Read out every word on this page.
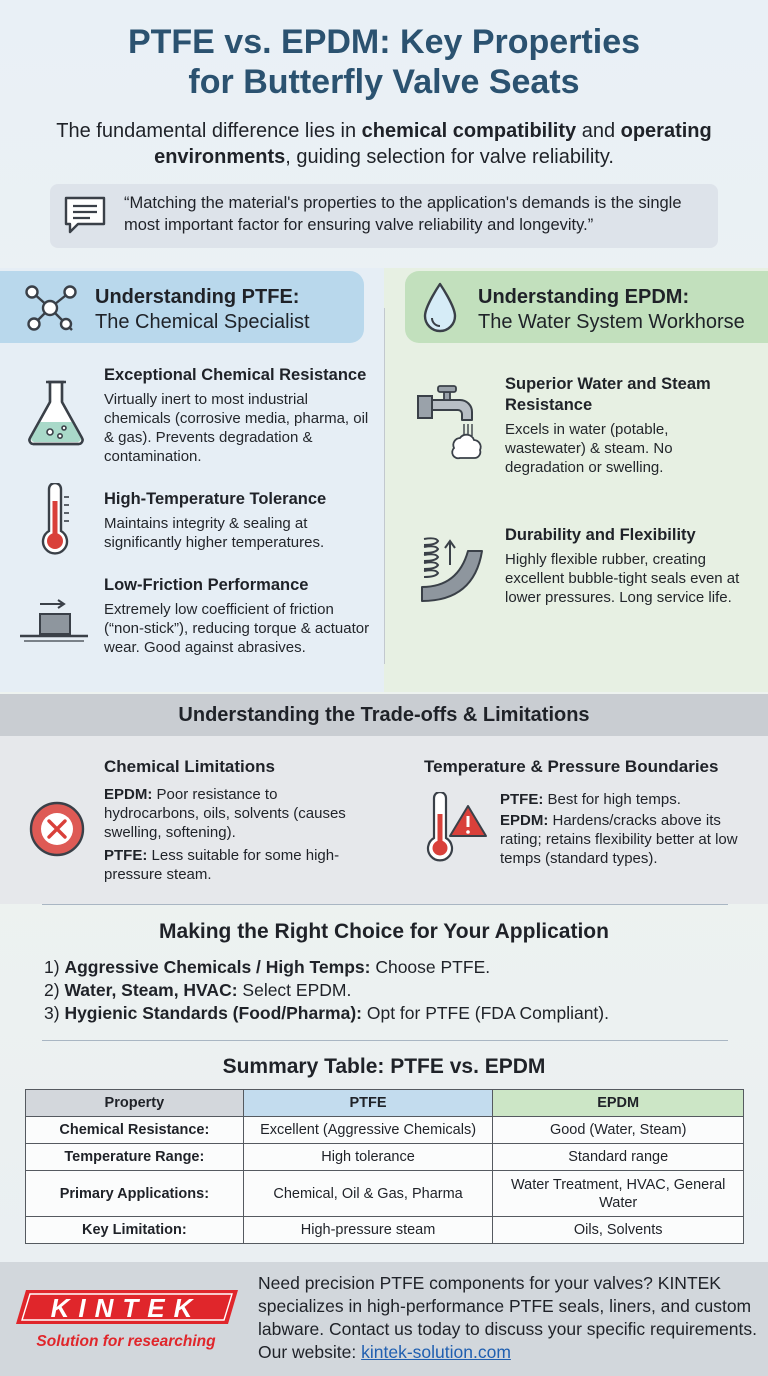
PTFE vs. EPDM: Key Properties
for Butterfly Valve Seats
The fundamental difference lies in chemical compatibility and operating environments, guiding selection for valve reliability.
“Matching the material's properties to the application's demands is the single most important factor for ensuring valve reliability and longevity.”
Understanding PTFE:
The Chemical Specialist
Understanding EPDM:
The Water System Workhorse
Exceptional Chemical Resistance
Virtually inert to most industrial chemicals (corrosive media, pharma, oil & gas). Prevents degradation & contamination.
High-Temperature Tolerance
Maintains integrity & sealing at significantly higher temperatures.
Low-Friction Performance
Extremely low coefficient of friction (“non-stick”), reducing torque & actuator wear. Good against abrasives.
Superior Water and Steam Resistance
Excels in water (potable, wastewater) & steam. No degradation or swelling.
Durability and Flexibility
Highly flexible rubber, creating excellent bubble-tight seals even at lower pressures. Long service life.
Understanding the Trade-offs & Limitations
Chemical Limitations
EPDM: Poor resistance to hydrocarbons, oils, solvents (causes swelling, softening).
PTFE: Less suitable for some high-pressure steam.
Temperature & Pressure Boundaries
PTFE: Best for high temps.
EPDM: Hardens/cracks above its rating; retains flexibility better at low temps (standard types).
Making the Right Choice for Your Application
1) Aggressive Chemicals / High Temps: Choose PTFE.
2) Water, Steam, HVAC: Select EPDM.
3) Hygienic Standards (Food/Pharma): Opt for PTFE (FDA Compliant).
Summary Table: PTFE vs. EPDM
Property	PTFE	EPDM
Chemical Resistance:	Excellent (Aggressive Chemicals)	Good (Water, Steam)
Temperature Range:	High tolerance	Standard range
Primary Applications:	Chemical, Oil & Gas, Pharma	Water Treatment, HVAC, General Water
Key Limitation:	High-pressure steam	Oils, Solvents
KINTEK
Solution for researching
Need precision PTFE components for your valves? KINTEK specializes in high-performance PTFE seals, liners, and custom labware. Contact us today to discuss your specific requirements. Our website: kintek-solution.com
